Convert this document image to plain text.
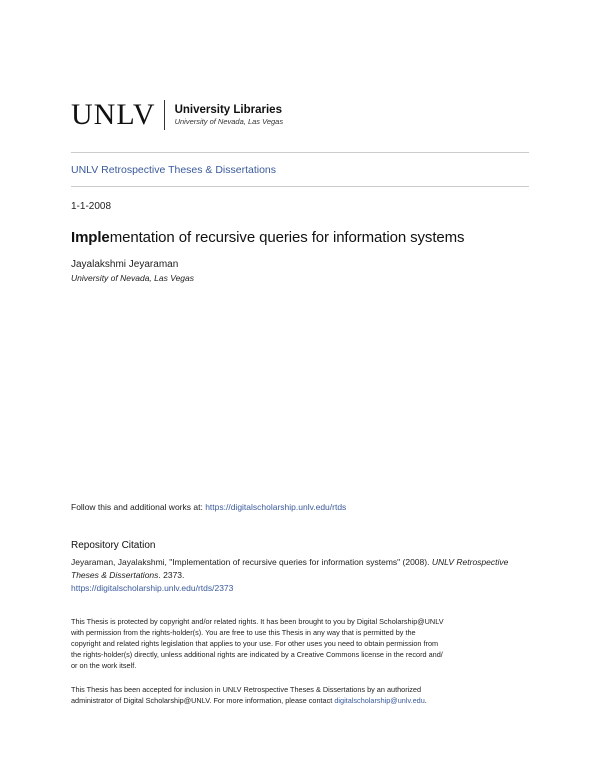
UNLV University Libraries
University of Nevada, Las Vegas
UNLV Retrospective Theses & Dissertations
1-1-2008
Implementation of recursive queries for information systems
Jayalakshmi Jeyaraman
University of Nevada, Las Vegas
Follow this and additional works at: https://digitalscholarship.unlv.edu/rtds
Repository Citation
Jeyaraman, Jayalakshmi, "Implementation of recursive queries for information systems" (2008). UNLV Retrospective Theses & Dissertations. 2373.
https://digitalscholarship.unlv.edu/rtds/2373
This Thesis is protected by copyright and/or related rights. It has been brought to you by Digital Scholarship@UNLV
with permission from the rights-holder(s). You are free to use this Thesis in any way that is permitted by the
copyright and related rights legislation that applies to your use. For other uses you need to obtain permission from
the rights-holder(s) directly, unless additional rights are indicated by a Creative Commons license in the record and/
or on the work itself.
This Thesis has been accepted for inclusion in UNLV Retrospective Theses & Dissertations by an authorized
administrator of Digital Scholarship@UNLV. For more information, please contact digitalscholarship@unlv.edu.
